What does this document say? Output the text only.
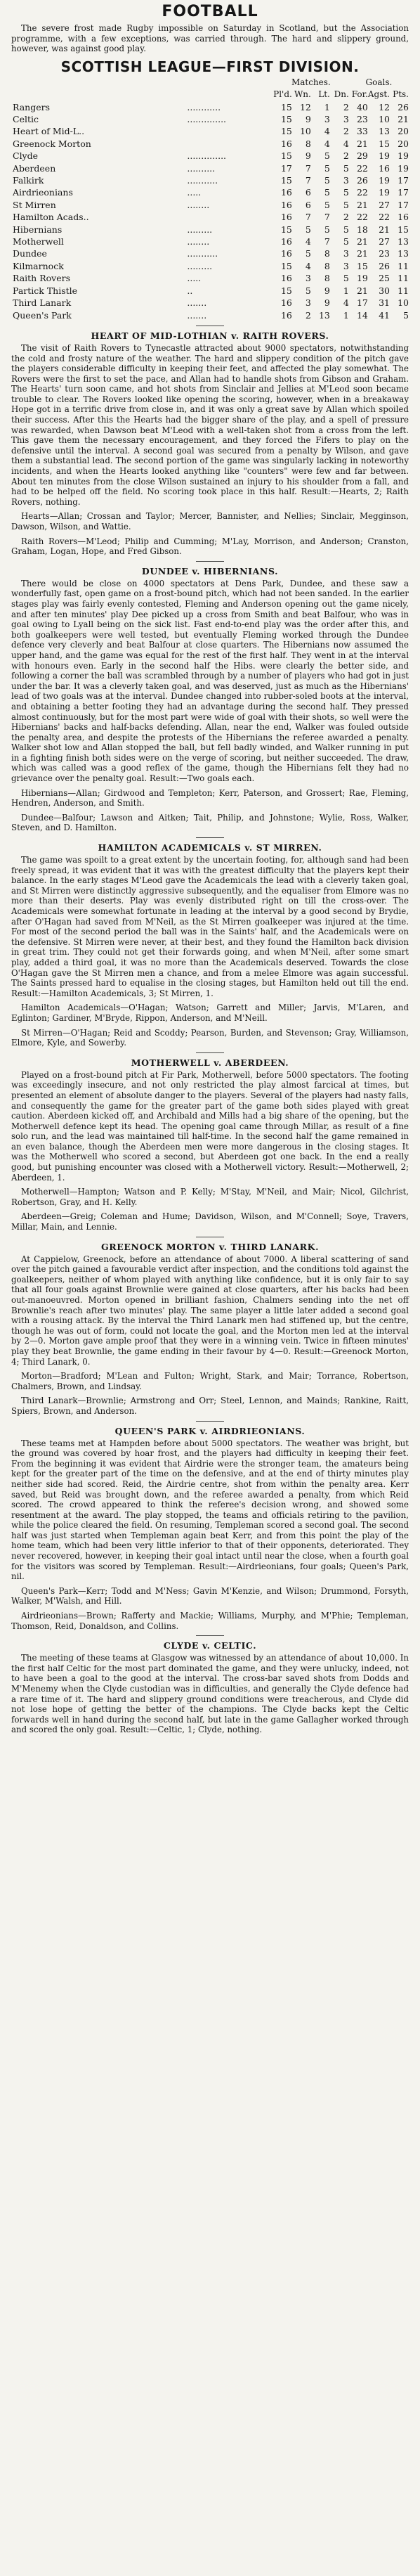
FOOTBALL

The severe frost made Rugby impossible on Saturday in Scotland, but the Association programme, with a few exceptions, was carried through. The hard and slippery ground, however, was against good play.

SCOTTISH LEAGUE—FIRST DIVISION.
		Matches.				Goals.		
		Pl'd.	Wn.	Lt.	Dn.	For.	Agst.	Pts.
Rangers	............	15	12	1	2	40	12	26
Celtic	..............	15	9	3	3	23	10	21
Heart of Mid-L..		15	10	4	2	33	13	20
Greenock Morton		16	8	4	4	21	15	20
Clyde	..............	15	9	5	2	29	19	19
Aberdeen	..........	17	7	5	5	22	16	19
Falkirk	...........	15	7	5	3	26	19	17
Airdrieonians	.....	16	6	5	5	22	19	17
St Mirren	........	16	6	5	5	21	27	17
Hamilton Acads..		16	7	7	2	22	22	16
Hibernians	.........	15	5	5	5	18	21	15
Motherwell	........	16	4	7	5	21	27	13
Dundee	...........	16	5	8	3	21	23	13
Kilmarnock	.........	15	4	8	3	15	26	11
Raith Rovers	.....	16	3	8	5	19	25	11
Partick Thistle	..	15	5	9	1	21	30	11
Third Lanark	.......	16	3	9	4	17	31	10
Queen's Park	.......	16	2	13	1	14	41	5
HEART OF MID-LOTHIAN v. RAITH ROVERS.

The visit of Raith Rovers to Tynecastle attracted about 9000 spectators, notwithstanding the cold and frosty nature of the weather. The hard and slippery condition of the pitch gave the players considerable difficulty in keeping their feet, and affected the play somewhat. The Rovers were the first to set the pace, and Allan had to handle shots from Gibson and Graham. The Hearts' turn soon came, and hot shots from Sinclair and Jellies at M'Leod soon became trouble to clear. The Rovers looked like opening the scoring, however, when in a breakaway Hope got in a terrific drive from close in, and it was only a great save by Allan which spoiled their success. After this the Hearts had the bigger share of the play, and a spell of pressure was rewarded, when Dawson beat M'Leod with a well-taken shot from a cross from the left. This gave them the necessary encouragement, and they forced the Fifers to play on the defensive until the interval. A second goal was secured from a penalty by Wilson, and gave them a substantial lead. The second portion of the game was singularly lacking in noteworthy incidents, and when the Hearts looked anything like "counters" were few and far between. About ten minutes from the close Wilson sustained an injury to his shoulder from a fall, and had to be helped off the field. No scoring took place in this half. Result:—Hearts, 2; Raith Rovers, nothing.

Hearts—Allan; Crossan and Taylor; Mercer, Bannister, and Nellies; Sinclair, Megginson, Dawson, Wilson, and Wattie.

Raith Rovers—M'Leod; Philip and Cumming; M'Lay, Morrison, and Anderson; Cranston, Graham, Logan, Hope, and Fred Gibson.

DUNDEE v. HIBERNIANS.

There would be close on 4000 spectators at Dens Park, Dundee, and these saw a wonderfully fast, open game on a frost-bound pitch, which had not been sanded. In the earlier stages play was fairly evenly contested, Fleming and Anderson opening out the game nicely, and after ten minutes' play Dee picked up a cross from Smith and beat Balfour, who was in goal owing to Lyall being on the sick list. Fast end-to-end play was the order after this, and both goalkeepers were well tested, but eventually Fleming worked through the Dundee defence very cleverly and beat Balfour at close quarters. The Hibernians now assumed the upper hand, and the game was equal for the rest of the first half. They went in at the interval with honours even. Early in the second half the Hibs. were clearly the better side, and following a corner the ball was scrambled through by a number of players who had got in just under the bar. It was a cleverly taken goal, and was deserved, just as much as the Hibernians' lead of two goals was at the interval. Dundee changed into rubber-soled boots at the interval, and obtaining a better footing they had an advantage during the second half. They pressed almost continuously, but for the most part were wide of goal with their shots, so well were the Hibernians' backs and half-backs defending. Allan, near the end, Walker was fouled outside the penalty area, and despite the protests of the Hibernians the referee awarded a penalty. Walker shot low and Allan stopped the ball, but fell badly winded, and Walker running in put in a fighting finish both sides were on the verge of scoring, but neither succeeded. The draw, which was called was a good reflex of the game, though the Hibernians felt they had no grievance over the penalty goal. Result:—Two goals each.

Hibernians—Allan; Girdwood and Templeton; Kerr, Paterson, and Grossert; Rae, Fleming, Hendren, Anderson, and Smith.

Dundee—Balfour; Lawson and Aitken; Tait, Philip, and Johnstone; Wylie, Ross, Walker, Steven, and D. Hamilton.

HAMILTON ACADEMICALS v. ST MIRREN.

The game was spoilt to a great extent by the uncertain footing, for, although sand had been freely spread, it was evident that it was with the greatest difficulty that the players kept their balance. In the early stages M'Leod gave the Academicals the lead with a cleverly taken goal, and St Mirren were distinctly aggressive subsequently, and the equaliser from Elmore was no more than their deserts. Play was evenly distributed right on till the cross-over. The Academicals were somewhat fortunate in leading at the interval by a good second by Brydie, after O'Hagan had saved from M'Neil, as the St Mirren goalkeeper was injured at the time. For most of the second period the ball was in the Saints' half, and the Academicals were on the defensive. St Mirren were never, at their best, and they found the Hamilton back division in great trim. They could not get their forwards going, and when M'Neil, after some smart play, added a third goal, it was no more than the Academicals deserved. Towards the close O'Hagan gave the St Mirren men a chance, and from a melee Elmore was again successful. The Saints pressed hard to equalise in the closing stages, but Hamilton held out till the end. Result:—Hamilton Academicals, 3; St Mirren, 1.

Hamilton Academicals—O'Hagan; Watson; Garrett and Miller; Jarvis, M'Laren, and Eglinton; Gardiner, M'Bryde, Rippon, Anderson, and M'Neill.

St Mirren—O'Hagan; Reid and Scoddy; Pearson, Burden, and Stevenson; Gray, Williamson, Elmore, Kyle, and Sowerby.

MOTHERWELL v. ABERDEEN.

Played on a frost-bound pitch at Fir Park, Motherwell, before 5000 spectators. The footing was exceedingly insecure, and not only restricted the play almost farcical at times, but presented an element of absolute danger to the players. Several of the players had nasty falls, and consequently the game for the greater part of the game both sides played with great caution. Aberdeen kicked off, and Archibald and Mills had a big share of the opening, but the Motherwell defence kept its head. The opening goal came through Millar, as result of a fine solo run, and the lead was maintained till half-time. In the second half the game remained in an even balance, though the Aberdeen men were more dangerous in the closing stages. It was the Motherwell who scored a second, but Aberdeen got one back. In the end a really good, but punishing encounter was closed with a Motherwell victory. Result:—Motherwell, 2; Aberdeen, 1.

Motherwell—Hampton; Watson and P. Kelly; M'Stay, M'Neil, and Mair; Nicol, Gilchrist, Robertson, Gray, and H. Kelly.

Aberdeen—Greig; Coleman and Hume; Davidson, Wilson, and M'Connell; Soye, Travers, Millar, Main, and Lennie.

GREENOCK MORTON v. THIRD LANARK.

At Cappielow, Greenock, before an attendance of about 7000. A liberal scattering of sand over the pitch gained a favourable verdict after inspection, and the conditions told against the goalkeepers, neither of whom played with anything like confidence, but it is only fair to say that all four goals against Brownlie were gained at close quarters, after his backs had been out-manoeuvred. Morton opened in brilliant fashion, Chalmers sending into the net off Brownlie's reach after two minutes' play. The same player a little later added a second goal with a rousing attack. By the interval the Third Lanark men had stiffened up, but the centre, though he was out of form, could not locate the goal, and the Morton men led at the interval by 2—0. Morton gave ample proof that they were in a winning vein. Twice in fifteen minutes' play they beat Brownlie, the game ending in their favour by 4—0. Result:—Greenock Morton, 4; Third Lanark, 0.

Morton—Bradford; M'Lean and Fulton; Wright, Stark, and Mair; Torrance, Robertson, Chalmers, Brown, and Lindsay.

Third Lanark—Brownlie; Armstrong and Orr; Steel, Lennon, and Mainds; Rankine, Raitt, Spiers, Brown, and Anderson.

QUEEN'S PARK v. AIRDRIEONIANS.

These teams met at Hampden before about 5000 spectators. The weather was bright, but the ground was covered by hoar frost, and the players had difficulty in keeping their feet. From the beginning it was evident that Airdrie were the stronger team, the amateurs being kept for the greater part of the time on the defensive, and at the end of thirty minutes play neither side had scored. Reid, the Airdrie centre, shot from within the penalty area. Kerr saved, but Reid was brought down, and the referee awarded a penalty, from which Reid scored. The crowd appeared to think the referee's decision wrong, and showed some resentment at the award. The play stopped, the teams and officials retiring to the pavilion, while the police cleared the field. On resuming, Templeman scored a second goal. The second half was just started when Templeman again beat Kerr, and from this point the play of the home team, which had been very little inferior to that of their opponents, deteriorated. They never recovered, however, in keeping their goal intact until near the close, when a fourth goal for the visitors was scored by Templeman. Result:—Airdrieonians, four goals; Queen's Park, nil.

Queen's Park—Kerr; Todd and M'Ness; Gavin M'Kenzie, and Wilson; Drummond, Forsyth, Walker, M'Walsh, and Hill.

Airdrieonians—Brown; Rafferty and Mackie; Williams, Murphy, and M'Phie; Templeman, Thomson, Reid, Donaldson, and Collins.

CLYDE v. CELTIC.

The meeting of these teams at Glasgow was witnessed by an attendance of about 10,000. In the first half Celtic for the most part dominated the game, and they were unlucky, indeed, not to have been a goal to the good at the interval. The cross-bar saved shots from Dodds and M'Menemy when the Clyde custodian was in difficulties, and generally the Clyde defence had a rare time of it. The hard and slippery ground conditions were treacherous, and Clyde did not lose hope of getting the better of the champions. The Clyde backs kept the Celtic forwards well in hand during the second half, but late in the game Gallagher worked through and scored the only goal. Result:—Celtic, 1; Clyde, nothing.
